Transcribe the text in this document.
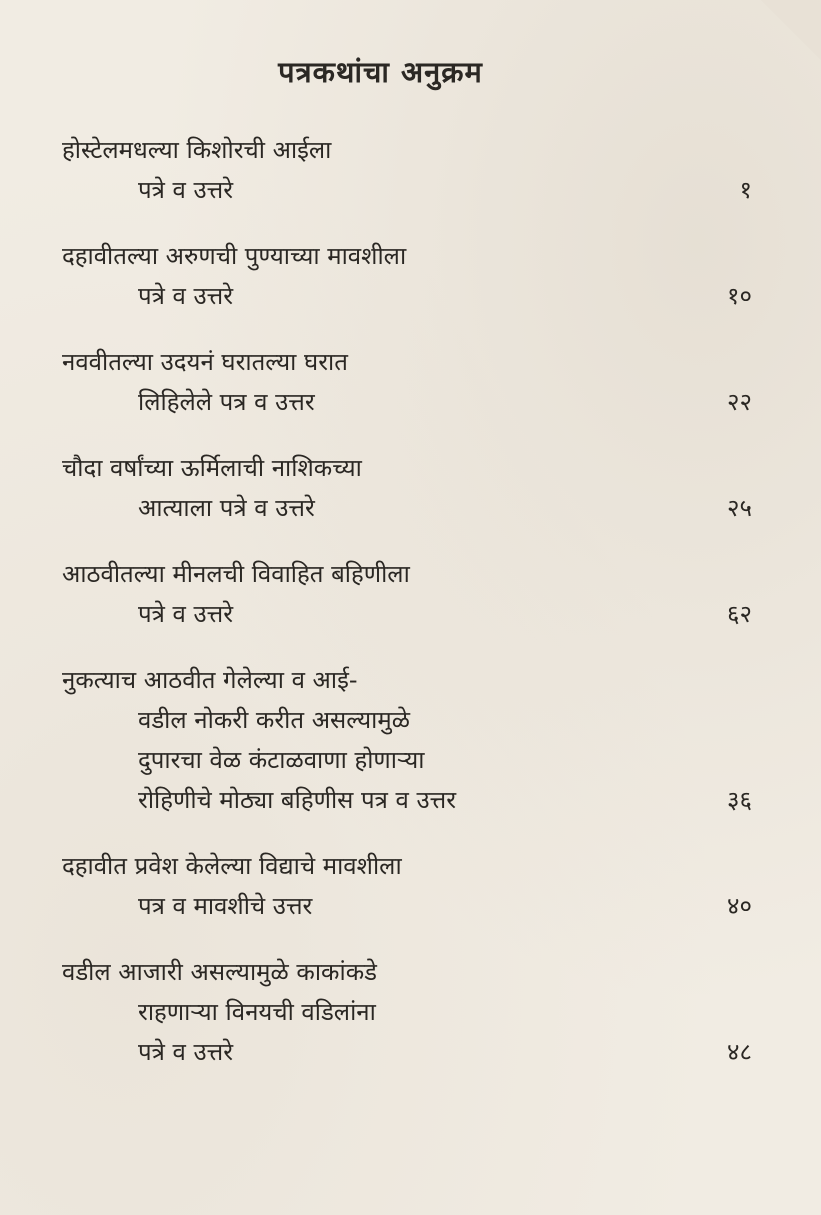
पत्रकथांचा अनुक्रम
होस्टेलमधल्या किशोरची आईला
पत्रे व उत्तरे	१
दहावीतल्या अरुणची पुण्याच्या मावशीला
पत्रे व उत्तरे	१०
नववीतल्या उदयनं घरातल्या घरात
लिहिलेले पत्र व उत्तर	२२
चौदा वर्षांच्या ऊर्मिलाची नाशिकच्या
आत्याला पत्रे व उत्तरे	२५
आठवीतल्या मीनलची विवाहित बहिणीला
पत्रे व उत्तरे	६२
नुकत्याच आठवीत गेलेल्या व आई-
वडील नोकरी करीत असल्यामुळे
दुपारचा वेळ कंटाळवाणा होणाऱ्या
रोहिणीचे मोठ्या बहिणीस पत्र व उत्तर	३६
दहावीत प्रवेश केलेल्या विद्याचे मावशीला
पत्र व मावशीचे उत्तर	४०
वडील आजारी असल्यामुळे काकांकडे
राहणाऱ्या विनयची वडिलांना
पत्रे व उत्तरे	४८
